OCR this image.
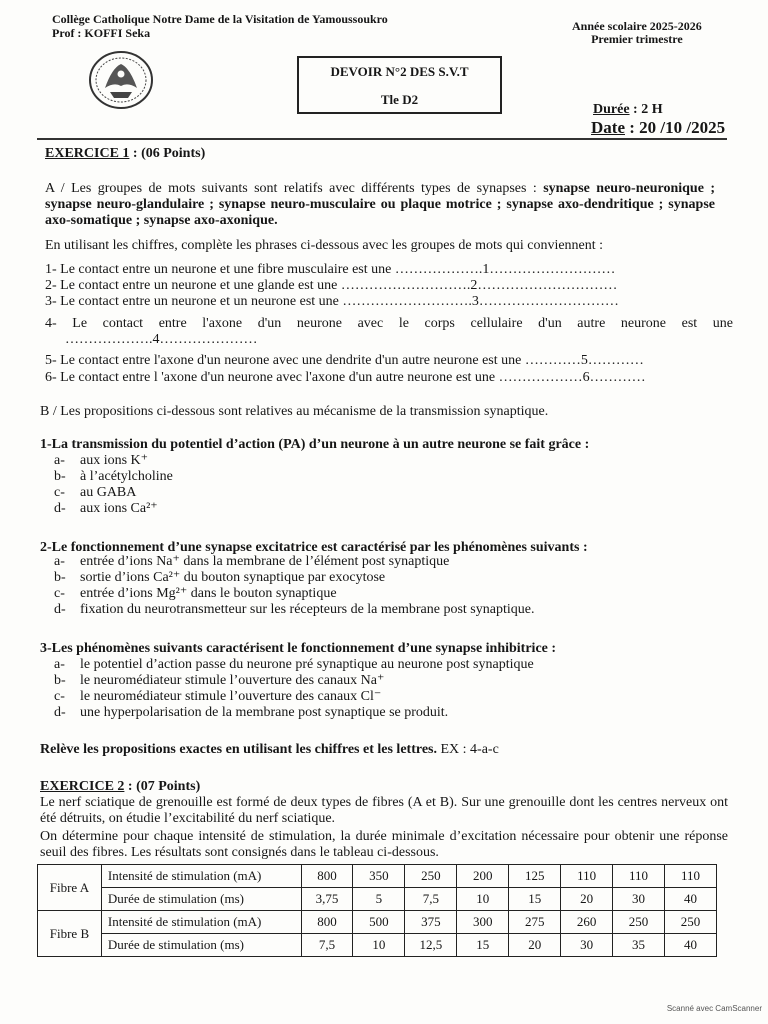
Collège Catholique Notre Dame de la Visitation de Yamoussoukro
Prof : KOFFI Seka	Année scolaire 2025-2026
Premier trimestre
DEVOIR N°2 DES S.V.T
Tle D2
Durée : 2 H
Date : 20 /10 /2025
EXERCICE 1 : (06 Points)
A / Les groupes de mots suivants sont relatifs avec différents types de synapses : synapse neuro-neuronique ; synapse neuro-glandulaire ; synapse neuro-musculaire ou plaque motrice ; synapse axo-dendritique ; synapse axo-somatique ; synapse axo-axonique.
En utilisant les chiffres, complète les phrases ci-dessous avec les groupes de mots qui conviennent :
1- Le contact entre un neurone et une fibre musculaire est une ……………….1………………………
2- Le contact entre un neurone et une glande est une ……………………….2…………………………
3- Le contact entre un neurone et un neurone est une ……………………….3…………………………
4- Le contact entre l'axone d'un neurone avec le corps cellulaire d'un autre neurone est une
……………….4…………………
5- Le contact entre l'axone d'un neurone avec une dendrite d'un autre neurone est une …………5…………
6- Le contact entre l 'axone d'un neurone avec l'axone d'un autre neurone est une ………………6…………
B / Les propositions ci-dessous sont relatives au mécanisme de la transmission synaptique.
1-La transmission du potentiel d’action (PA) d’un neurone à un autre neurone se fait grâce :
a- aux ions K⁺
b- à l’acétylcholine
c- au GABA
d- aux ions Ca²⁺
2-Le fonctionnement d’une synapse excitatrice est caractérisé par les phénomènes suivants :
a- entrée d’ions Na⁺ dans la membrane de l’élément post synaptique
b- sortie d’ions Ca²⁺ du bouton synaptique par exocytose
c- entrée d’ions Mg²⁺ dans le bouton synaptique
d- fixation du neurotransmetteur sur les récepteurs de la membrane post synaptique.
3-Les phénomènes suivants caractérisent le fonctionnement d’une synapse inhibitrice :
a- le potentiel d’action passe du neurone pré synaptique au neurone post synaptique
b- le neuromédiateur stimule l’ouverture des canaux Na⁺
c- le neuromédiateur stimule l’ouverture des canaux Cl⁻
d- une hyperpolarisation de la membrane post synaptique se produit.
Relève les propositions exactes en utilisant les chiffres et les lettres. EX : 4-a-c
EXERCICE 2 : (07 Points)
Le nerf sciatique de grenouille est formé de deux types de fibres (A et B). Sur une grenouille dont les centres nerveux ont été détruits, on étudie l’excitabilité du nerf sciatique.
On détermine pour chaque intensité de stimulation, la durée minimale d’excitation nécessaire pour obtenir une réponse seuil des fibres. Les résultats sont consignés dans le tableau ci-dessous.
Fibre A	Intensité de stimulation (mA)	800	350	250	200	125	110	110	110
	Durée de stimulation (ms)	3,75	5	7,5	10	15	20	30	40
Fibre B	Intensité de stimulation (mA)	800	500	375	300	275	260	250	250
	Durée de stimulation (ms)	7,5	10	12,5	15	20	30	35	40
Scanné avec CamScanner
